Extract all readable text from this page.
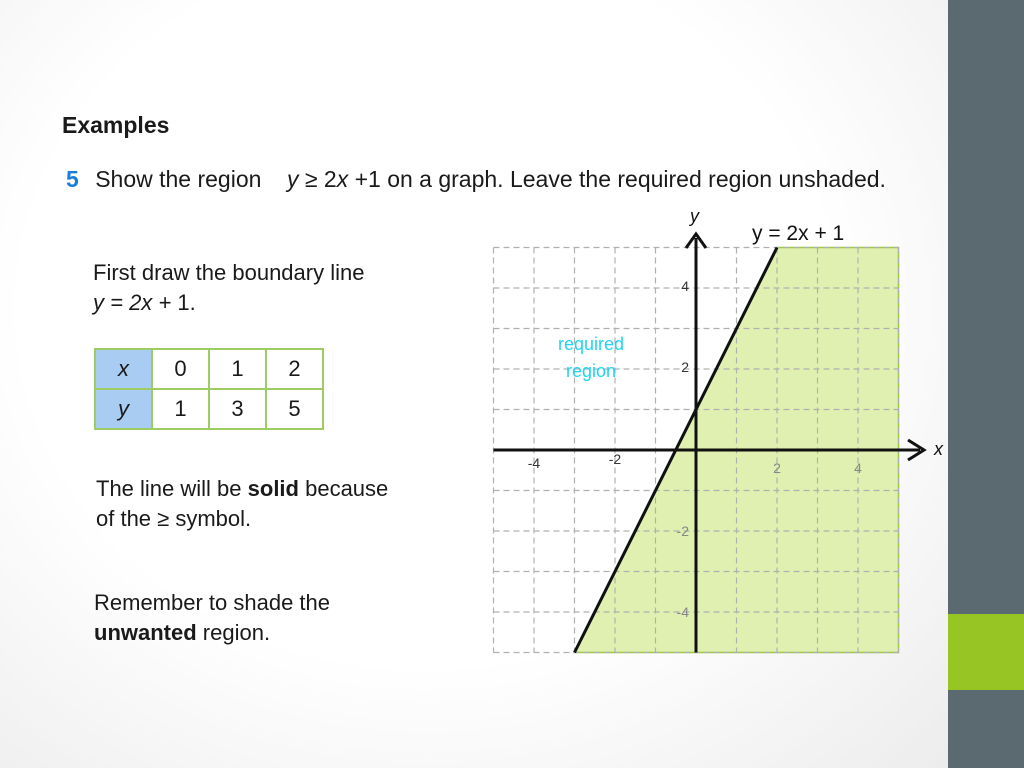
Examples
5 Show the region y ≥ 2x +1 on a graph. Leave the required region unshaded.
First draw the boundary line
y = 2x + 1.
x	0	1	2
y	1	3	5
The line will be solid because
of the ≥ symbol.
Remember to shade the
unwanted region.
-4	-2
2	4
4
2
-2
-4
x
y
y = 2x + 1
required
region
